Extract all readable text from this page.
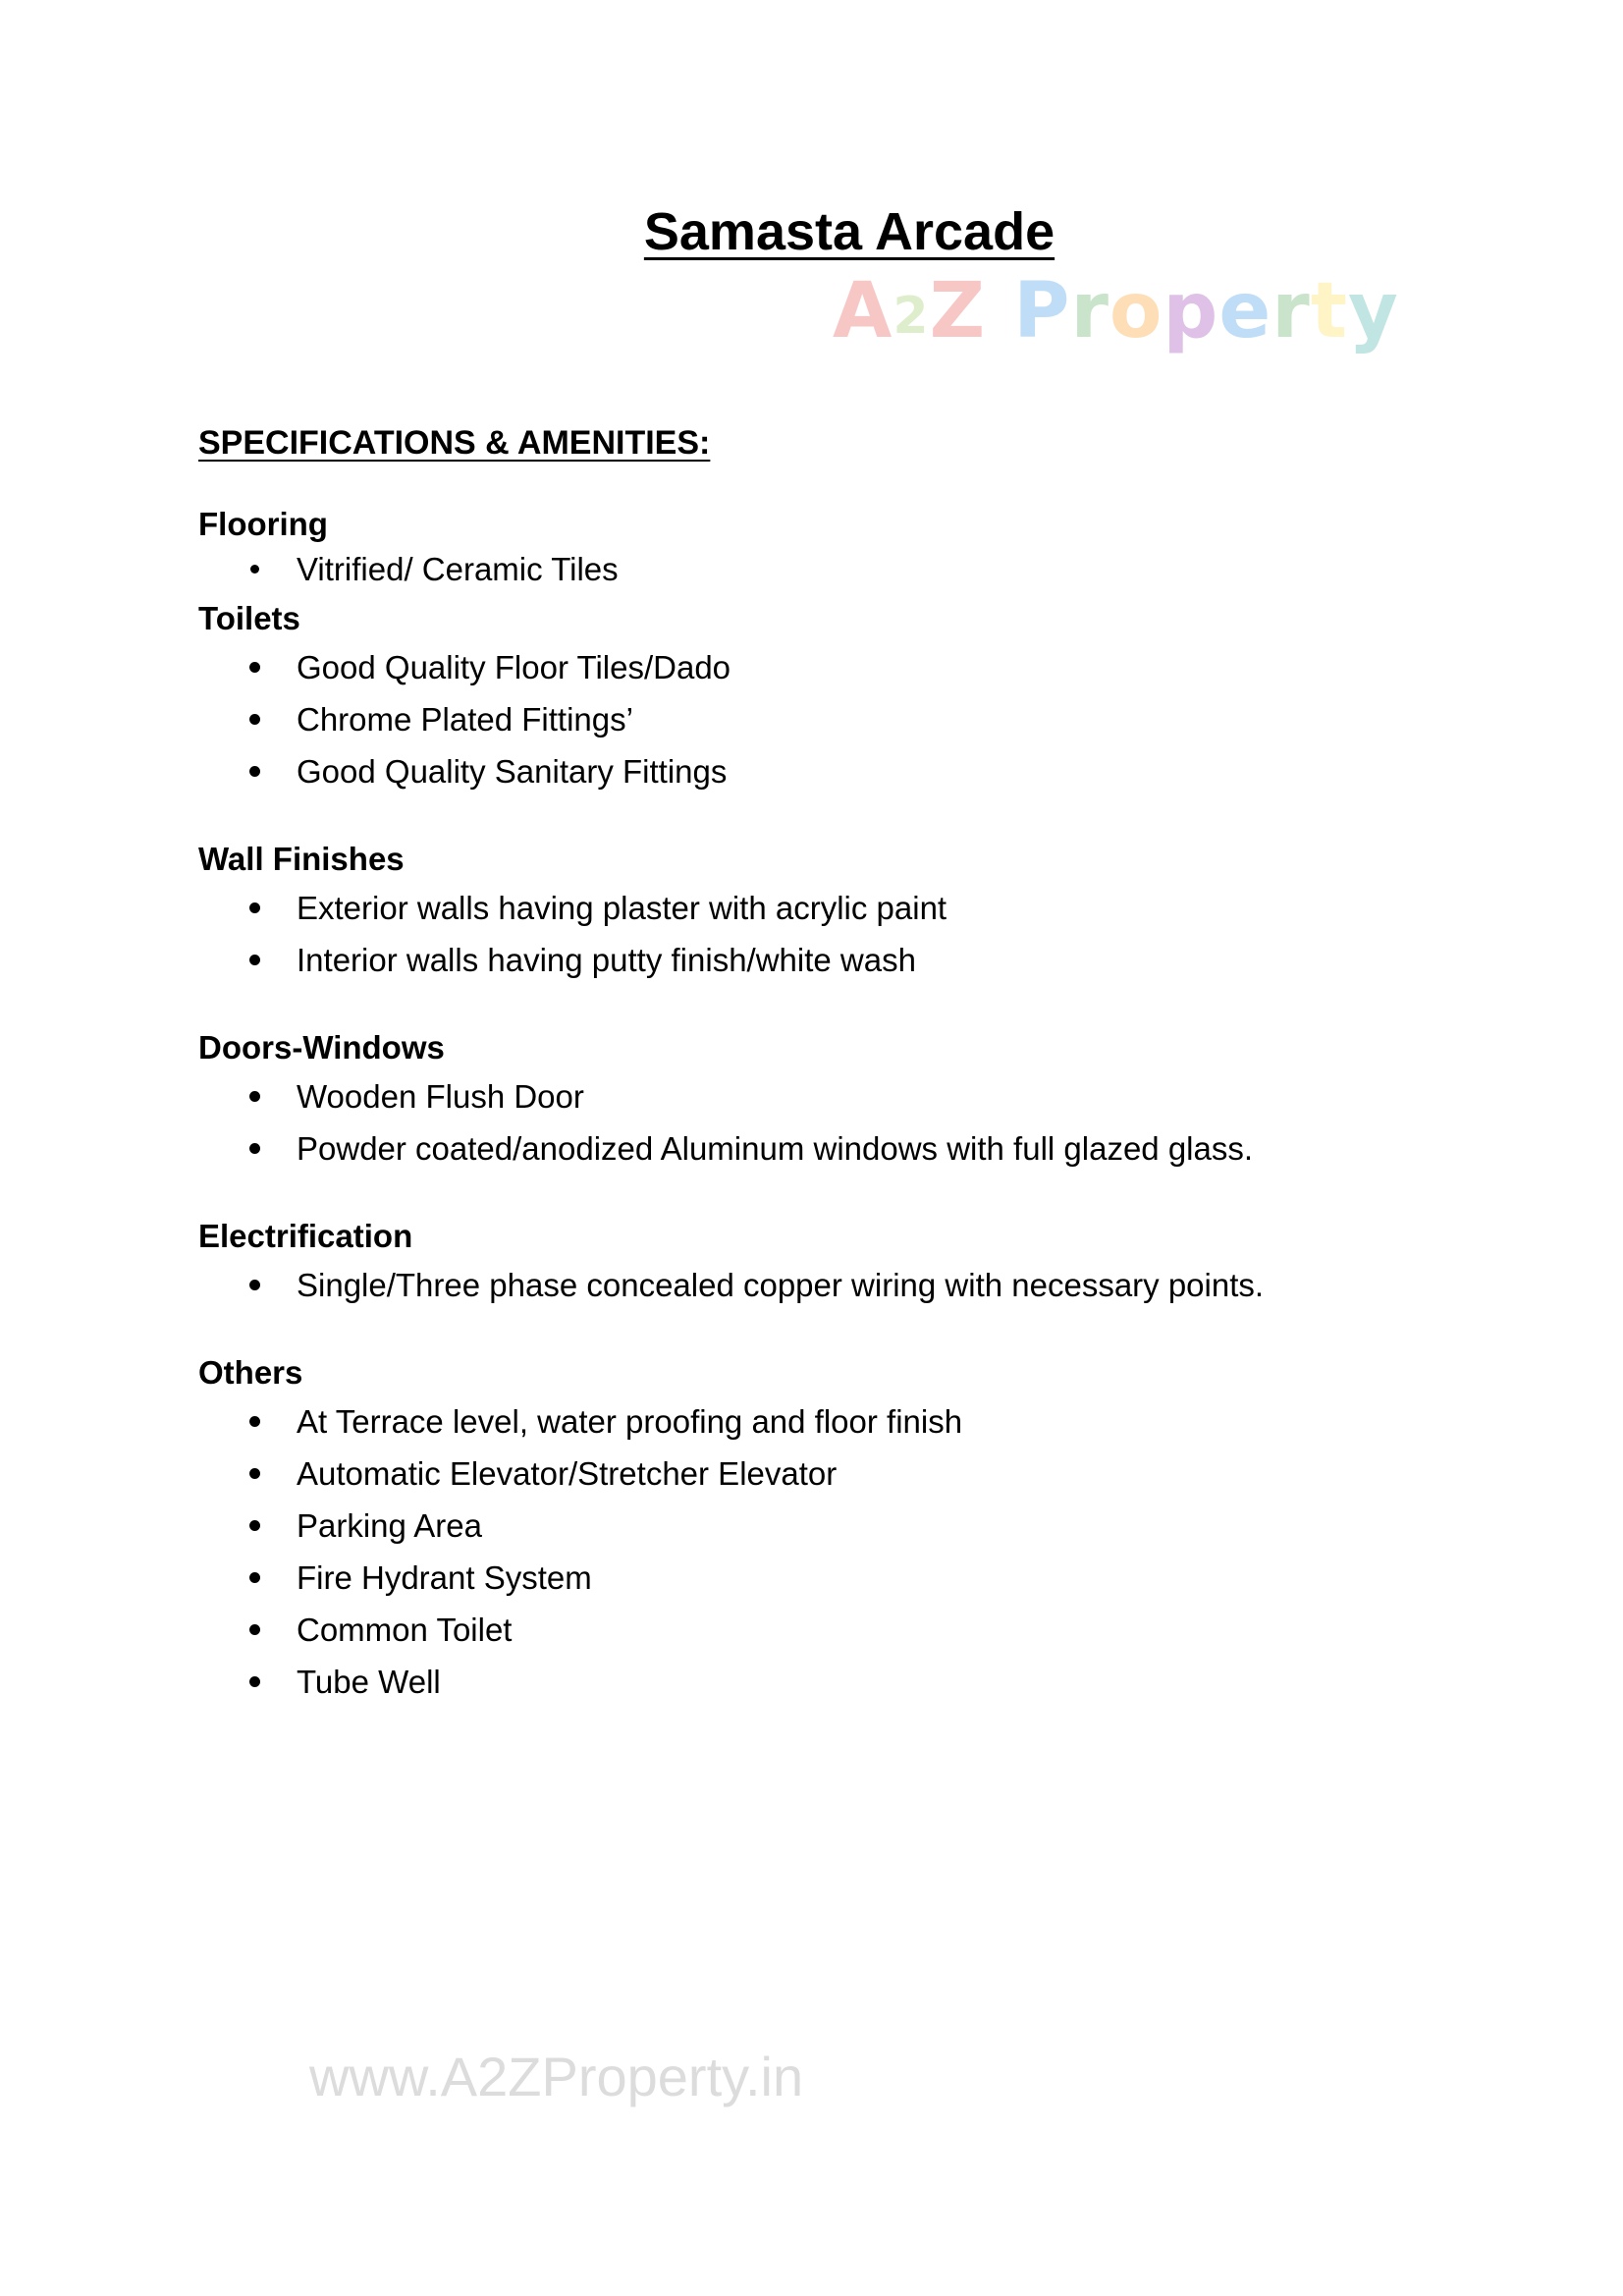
Samasta Arcade
A2Z Property
SPECIFICATIONS & AMENITIES:
Flooring
Vitrified/ Ceramic Tiles
Toilets
Good Quality Floor Tiles/Dado
Chrome Plated Fittings’
Good Quality Sanitary Fittings
Wall Finishes
Exterior walls having plaster with acrylic paint
Interior walls having putty finish/white wash
Doors-Windows
Wooden Flush Door
Powder coated/anodized Aluminum windows with full glazed glass.
Electrification
Single/Three phase concealed copper wiring with necessary points.
Others
At Terrace level, water proofing and floor finish
Automatic Elevator/Stretcher Elevator
Parking Area
Fire Hydrant System
Common Toilet
Tube Well
www.A2ZProperty.in
